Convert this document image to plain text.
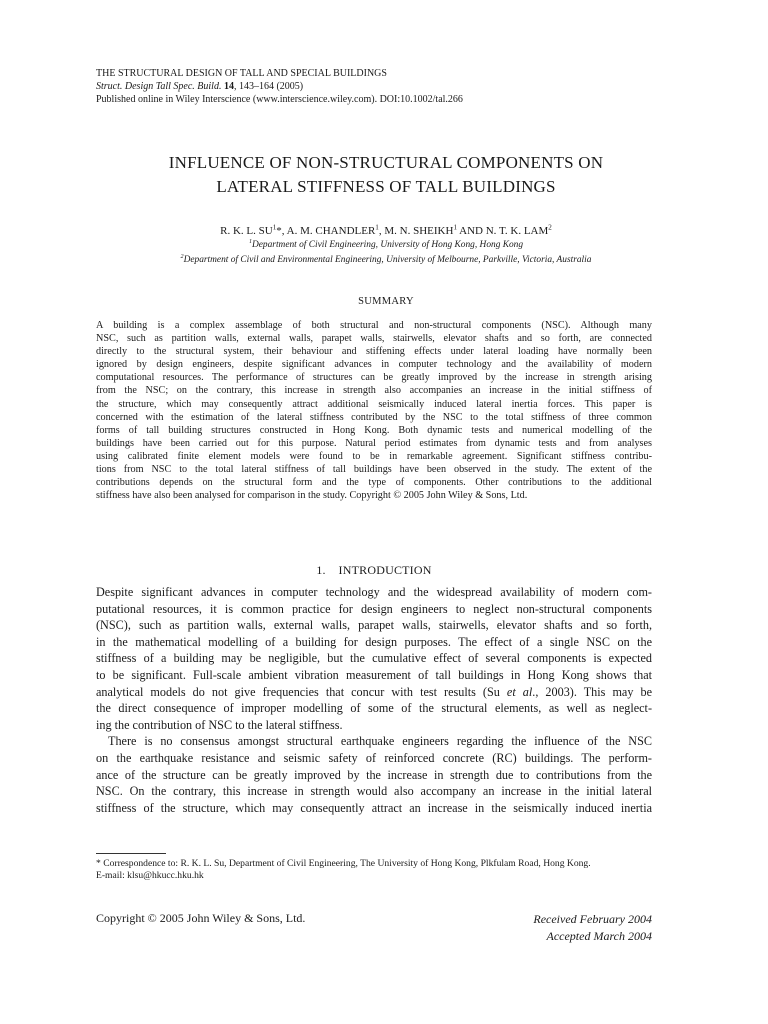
THE STRUCTURAL DESIGN OF TALL AND SPECIAL BUILDINGS
Struct. Design Tall Spec. Build. 14, 143–164 (2005)
Published online in Wiley Interscience (www.interscience.wiley.com). DOI:10.1002/tal.266
INFLUENCE OF NON-STRUCTURAL COMPONENTS ON
LATERAL STIFFNESS OF TALL BUILDINGS
R. K. L. $SU^1*$, A. M. CHANDLER$^1$, M. N. SHEIKH$^1$ AND N. T. K. LAM$^2$
$^1$Department of Civil Engineering, University of Hong Kong, Hong Kong
$^2$Department of Civil and Environmental Engineering, University of Melbourne, Parkville, Victoria, Australia
SUMMARY
A building is a complex assemblage of both structural and non-structural components (NSC). Although many
NSC, such as partition walls, external walls, parapet walls, stairwells, elevator shafts and so forth, are connected
directly to the structural system, their behaviour and stiffening effects under lateral loading have normally been
ignored by design engineers, despite significant advances in computer technology and the availability of modern
computational resources. The performance of structures can be greatly improved by the increase in strength arising
from the NSC; on the contrary, this increase in strength also accompanies an increase in the initial stiffness of
the structure, which may consequently attract additional seismically induced lateral inertia forces. This paper is
concerned with the estimation of the lateral stiffness contributed by the NSC to the total stiffness of three common
forms of tall building structures constructed in Hong Kong. Both dynamic tests and numerical modelling of the
buildings have been carried out for this purpose. Natural period estimates from dynamic tests and from analyses
using calibrated finite element models were found to be in remarkable agreement. Significant stiffness contribu-
tions from NSC to the total lateral stiffness of tall buildings have been observed in the study. The extent of the
contributions depends on the structural form and the type of components. Other contributions to the additional
stiffness have also been analysed for comparison in the study. Copyright © 2005 John Wiley & Sons, Ltd.
1.    INTRODUCTION
Despite significant advances in computer technology and the widespread availability of modern com-
putational resources, it is common practice for design engineers to neglect non-structural components
(NSC), such as partition walls, external walls, parapet walls, stairwells, elevator shafts and so forth,
in the mathematical modelling of a building for design purposes. The effect of a single NSC on the
stiffness of a building may be negligible, but the cumulative effect of several components is expected
to be significant. Full-scale ambient vibration measurement of tall buildings in Hong Kong shows that
analytical models do not give frequencies that concur with test results (Su et al., 2003). This may be
the direct consequence of improper modelling of some of the structural elements, as well as neglect-
ing the contribution of NSC to the lateral stiffness.
There is no consensus amongst structural earthquake engineers regarding the influence of the NSC
on the earthquake resistance and seismic safety of reinforced concrete (RC) buildings. The perform-
ance of the structure can be greatly improved by the increase in strength due to contributions from the
NSC. On the contrary, this increase in strength would also accompany an increase in the initial lateral
stiffness of the structure, which may consequently attract an increase in the seismically induced inertia
* Correspondence to: R. K. L. Su, Department of Civil Engineering, The University of Hong Kong, Plkfulam Road, Hong Kong.
E-mail: klsu@hkucc.hku.hk
Copyright © 2005 John Wiley & Sons, Ltd.	Received February 2004
Accepted March 2004
